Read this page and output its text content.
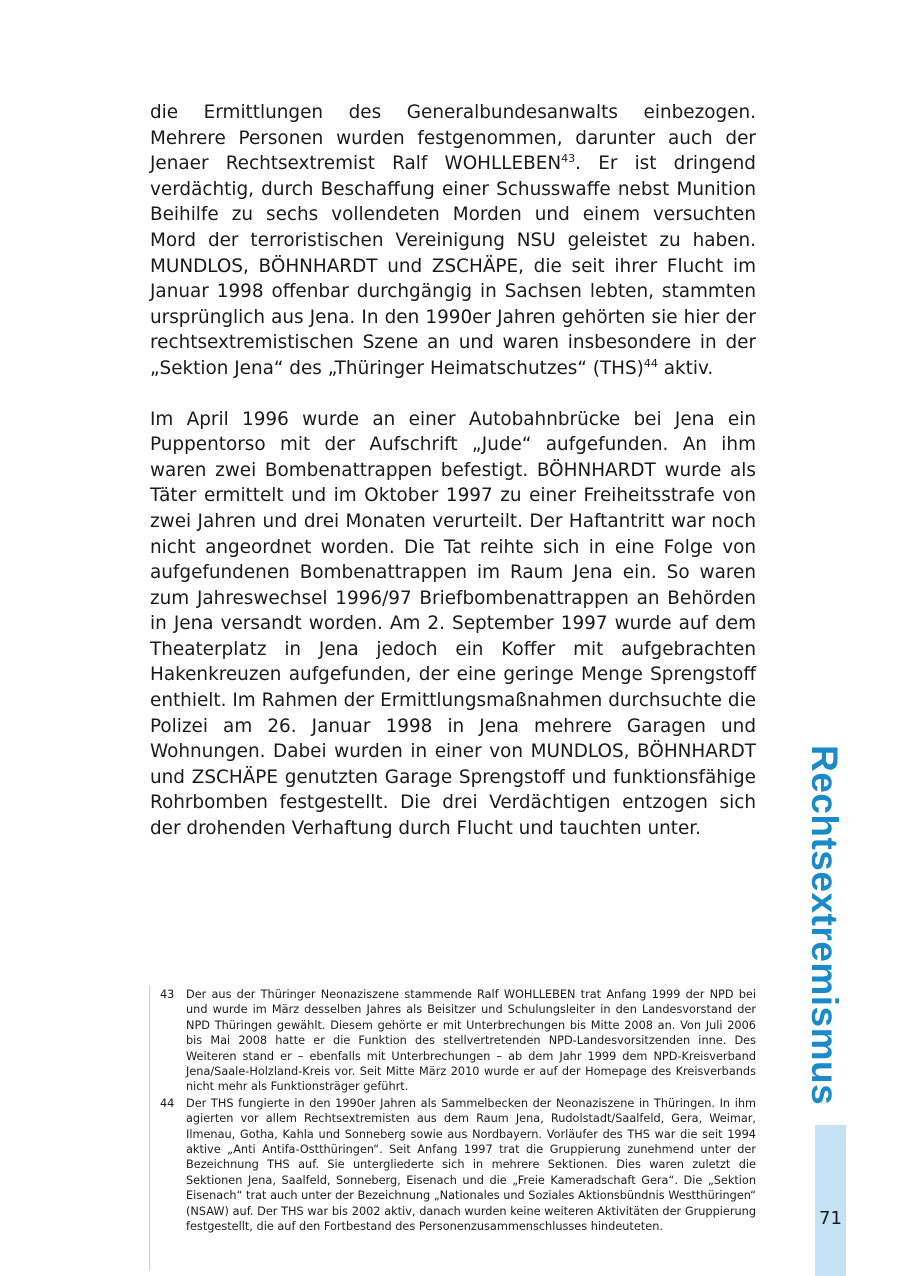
die Ermittlungen des Generalbundesanwalts einbezogen. Mehrere Personen wurden festgenommen, darunter auch der Jenaer Rechtsextremist Ralf WOHLLEBEN$^{43}$. Er ist dringend verdächtig, durch Beschaffung einer Schusswaffe nebst Munition Beihilfe zu sechs vollendeten Morden und einem versuchten Mord der terroristischen Vereinigung NSU geleistet zu haben. MUNDLOS, BÖHNHARDT und ZSCHÄPE, die seit ihrer Flucht im Januar 1998 offenbar durchgängig in Sachsen lebten, stammten ursprünglich aus Jena. In den 1990er Jahren gehörten sie hier der rechtsextremistischen Szene an und waren insbesondere in der „Sektion Jena“ des „Thüringer Heimatschutzes“ (THS)$^{44}$ aktiv.

Im April 1996 wurde an einer Autobahnbrücke bei Jena ein Puppentorso mit der Aufschrift „Jude“ aufgefunden. An ihm waren zwei Bombenattrappen befestigt. BÖHNHARDT wurde als Täter ermittelt und im Oktober 1997 zu einer Freiheitsstrafe von zwei Jahren und drei Monaten verurteilt. Der Haftantritt war noch nicht angeordnet worden. Die Tat reihte sich in eine Folge von aufgefundenen Bombenattrappen im Raum Jena ein. So waren zum Jahreswechsel 1996/97 Briefbombenattrappen an Behörden in Jena versandt worden. Am 2. September 1997 wurde auf dem Theaterplatz in Jena jedoch ein Koffer mit aufgebrachten Hakenkreuzen aufgefunden, der eine geringe Menge Sprengstoff enthielt. Im Rahmen der Ermittlungsmaßnahmen durchsuchte die Polizei am 26. Januar 1998 in Jena mehrere Garagen und Wohnungen. Dabei wurden in einer von MUNDLOS, BÖHNHARDT und ZSCHÄPE genutzten Garage Sprengstoff und funktionsfähige Rohrbomben festgestellt. Die drei Verdächtigen entzogen sich der drohenden Verhaftung durch Flucht und tauchten unter.

43	Der aus der Thüringer Neonaziszene stammende Ralf WOHLLEBEN trat Anfang 1999 der NPD bei und wurde im März desselben Jahres als Beisitzer und Schulungsleiter in den Landesvorstand der NPD Thüringen gewählt. Diesem gehörte er mit Unterbrechungen bis Mitte 2008 an. Von Juli 2006 bis Mai 2008 hatte er die Funktion des stellvertretenden NPD-Landesvorsitzenden inne. Des Weiteren stand er – ebenfalls mit Unterbrechungen – ab dem Jahr 1999 dem NPD-Kreisverband Jena/Saale-Holzland-Kreis vor. Seit Mitte März 2010 wurde er auf der Homepage des Kreisverbands nicht mehr als Funktionsträger geführt.
44	Der THS fungierte in den 1990er Jahren als Sammelbecken der Neonaziszene in Thüringen. In ihm agierten vor allem Rechtsextremisten aus dem Raum Jena, Rudolstadt/Saalfeld, Gera, Weimar, Ilmenau, Gotha, Kahla und Sonneberg sowie aus Nordbayern. Vorläufer des THS war die seit 1994 aktive „Anti Antifa-Ostthüringen“. Seit Anfang 1997 trat die Gruppierung zunehmend unter der Bezeichnung THS auf. Sie untergliederte sich in mehrere Sektionen. Dies waren zuletzt die Sektionen Jena, Saalfeld, Sonneberg, Eisenach und die „Freie Kameradschaft Gera“. Die „Sektion Eisenach“ trat auch unter der Bezeichnung „Nationales und Soziales Aktionsbündnis Westthüringen“ (NSAW) auf. Der THS war bis 2002 aktiv, danach wurden keine weiteren Aktivitäten der Gruppierung festgestellt, die auf den Fortbestand des Personenzusammenschlusses hindeuteten.
Rechtsextremismus
71
